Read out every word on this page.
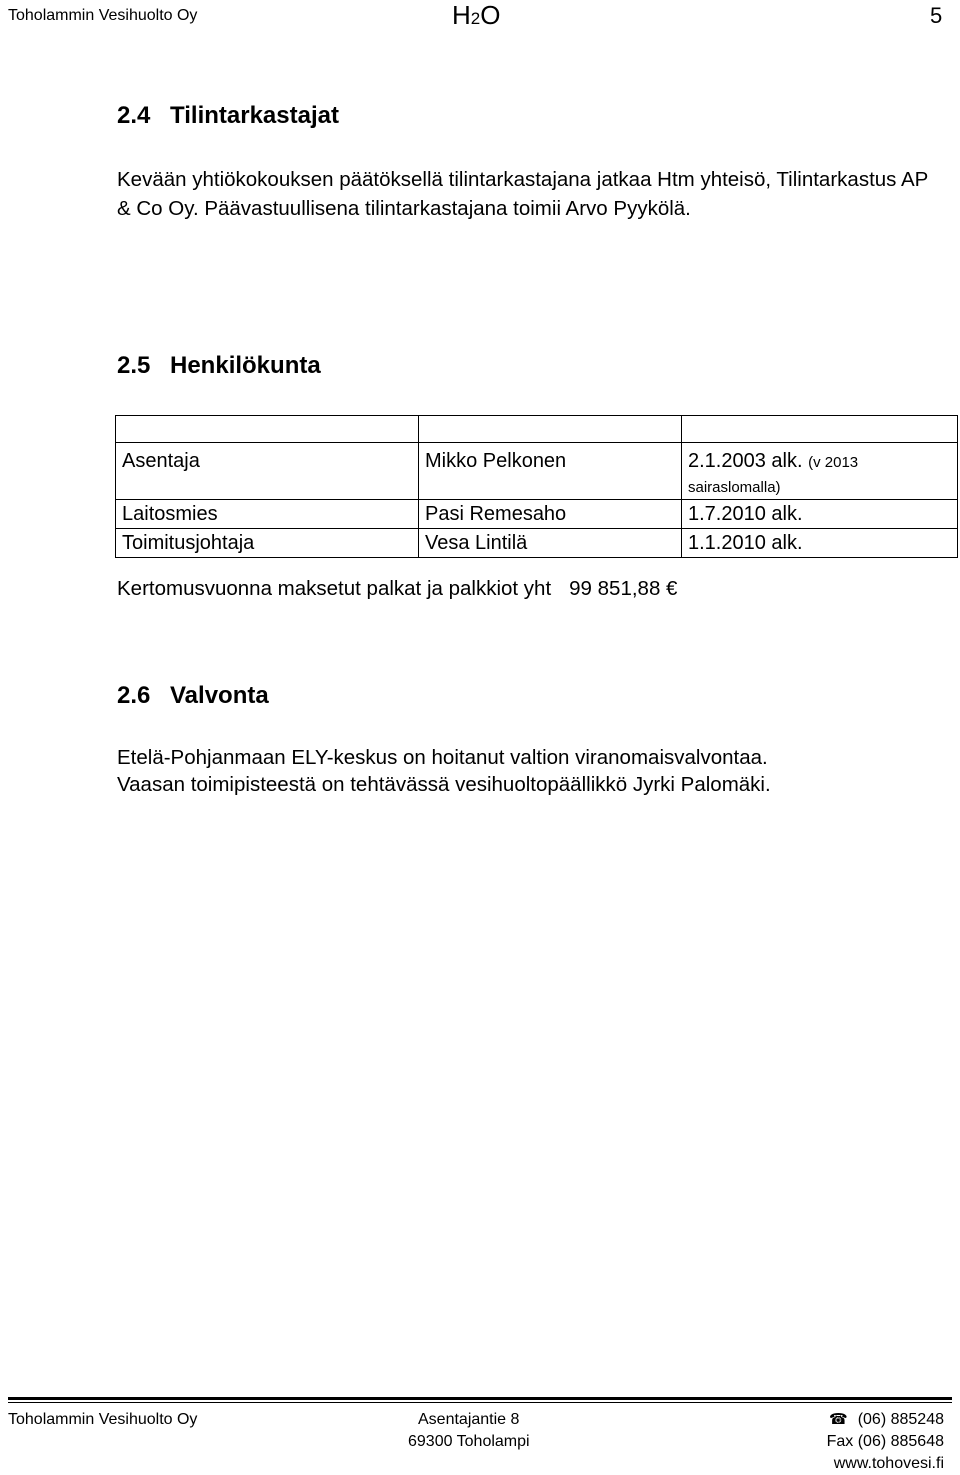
Toholammin Vesihuolto Oy	H2O	5
2.4 Tilintarkastajat
Kevään yhtiökokouksen päätöksellä tilintarkastajana jatkaa Htm yhteisö, Tilintarkastus AP & Co Oy. Päävastuullisena tilintarkastajana toimii Arvo Pyykölä.
2.5 Henkilökunta

Asentaja	Mikko Pelkonen	2.1.2003 alk. (v 2013 sairaslomalla)
Laitosmies	Pasi Remesaho	1.7.2010 alk.
Toimitusjohtaja	Vesa Lintilä	1.1.2010 alk.
Kertomusvuonna maksetut palkat ja palkkiot yht 99 851,88 €
2.6 Valvonta
Etelä-Pohjanmaan ELY-keskus on hoitanut valtion viranomaisvalvontaa.
Vaasan toimipisteestä on tehtävässä vesihuoltopäällikkö Jyrki Palomäki.
Toholammin Vesihuolto Oy	Asentajantie 8
69300 Toholampi
☎ (06) 885248
Fax (06) 885648
www.tohovesi.fi
